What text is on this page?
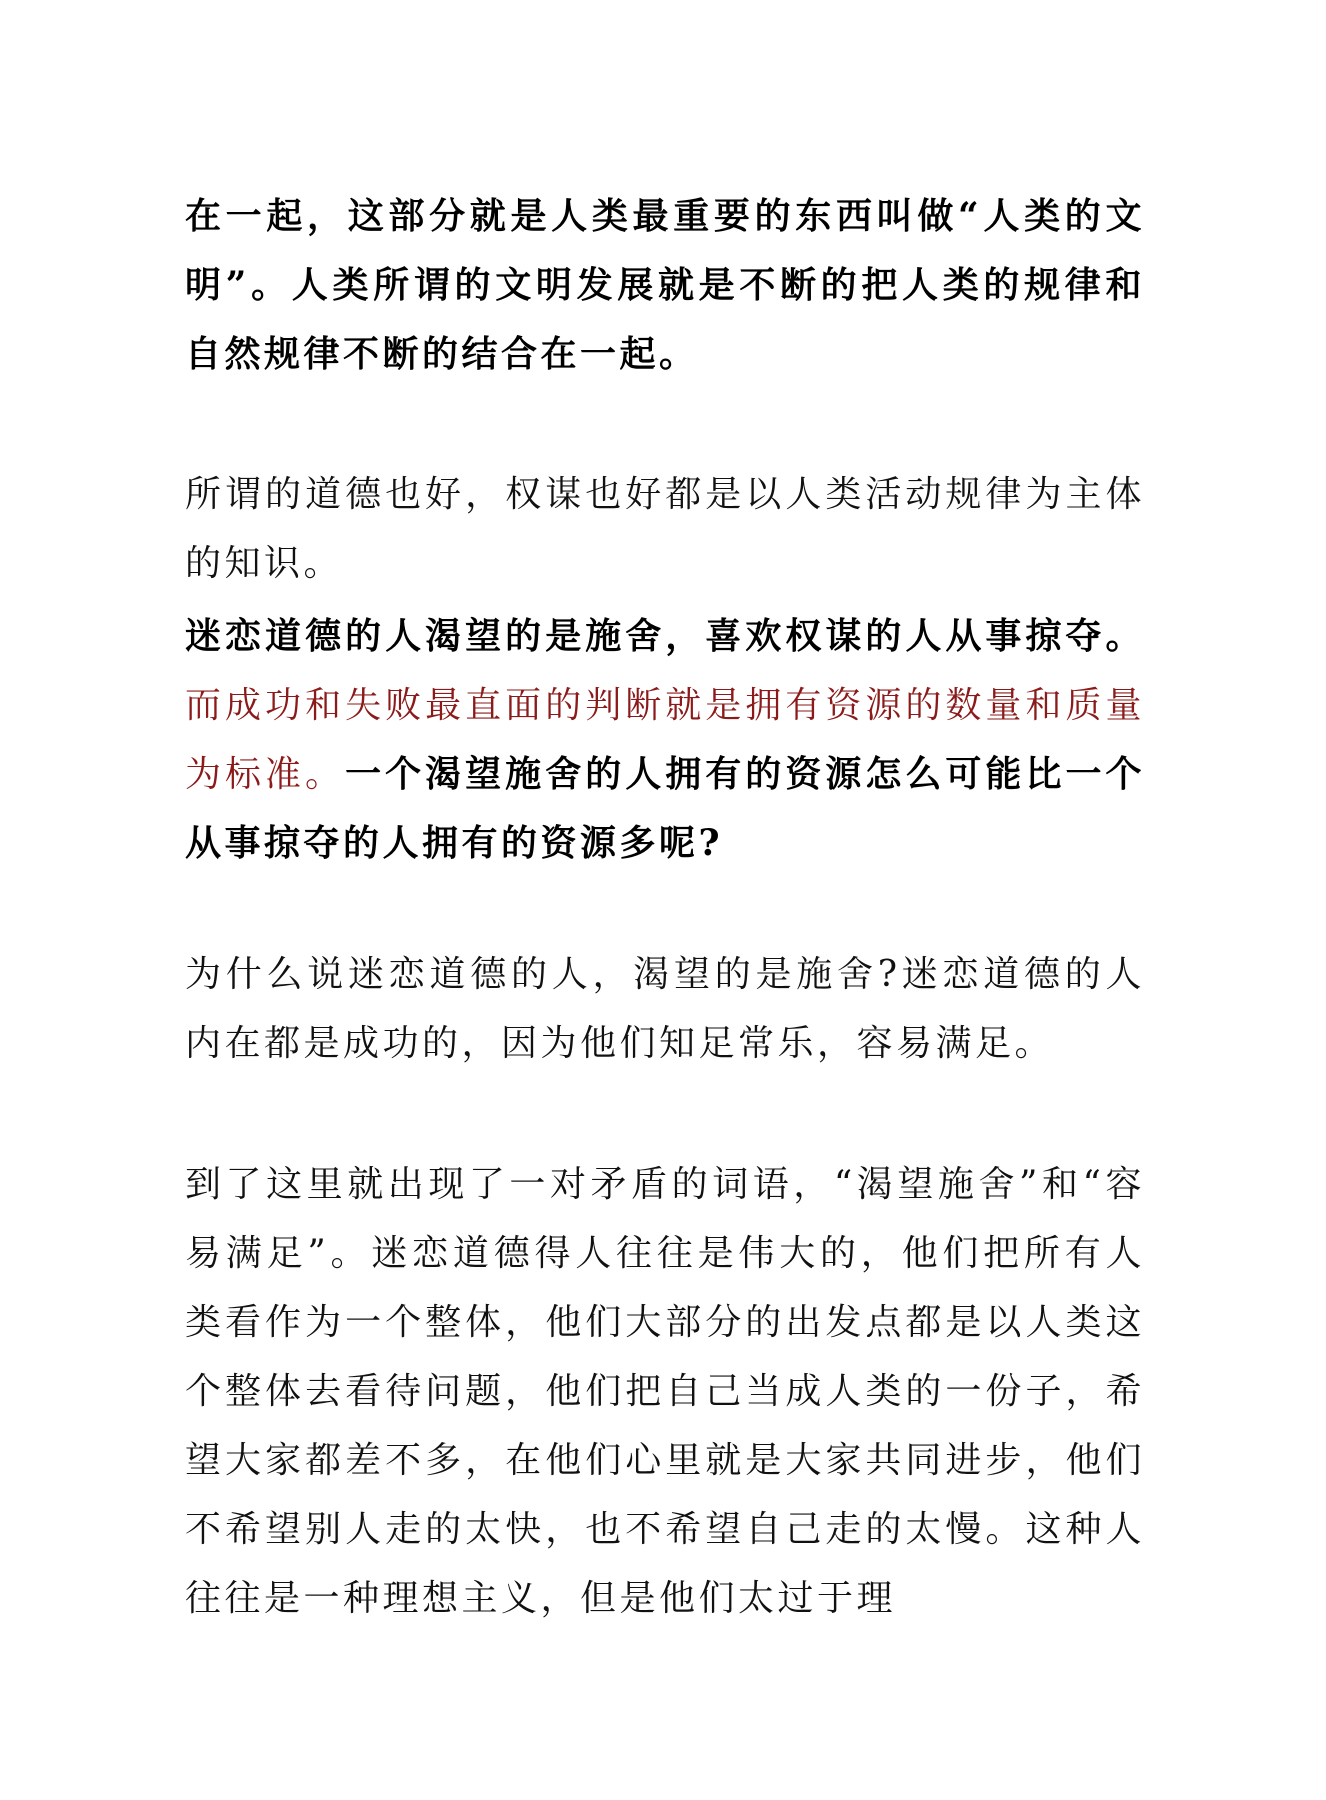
在一起，这部分就是人类最重要的东西叫做“人类的文明”。人类所谓的文明发展就是不断的把人类的规律和自然规律不断的结合在一起。

所谓的道德也好，权谋也好都是以人类活动规律为主体的知识。

迷恋道德的人渴望的是施舍，喜欢权谋的人从事掠夺。而成功和失败最直面的判断就是拥有资源的数量和质量为标准。一个渴望施舍的人拥有的资源怎么可能比一个从事掠夺的人拥有的资源多呢?

为什么说迷恋道德的人，渴望的是施舍?迷恋道德的人内在都是成功的，因为他们知足常乐，容易满足。

到了这里就出现了一对矛盾的词语，“渴望施舍”和“容易满足”。迷恋道德得人往往是伟大的，他们把所有人类看作为一个整体，他们大部分的出发点都是以人类这个整体去看待问题，他们把自己当成人类的一份子，希望大家都差不多，在他们心里就是大家共同进步，他们不希望别人走的太快，也不希望自己走的太慢。这种人往往是一种理想主义，但是他们太过于理
